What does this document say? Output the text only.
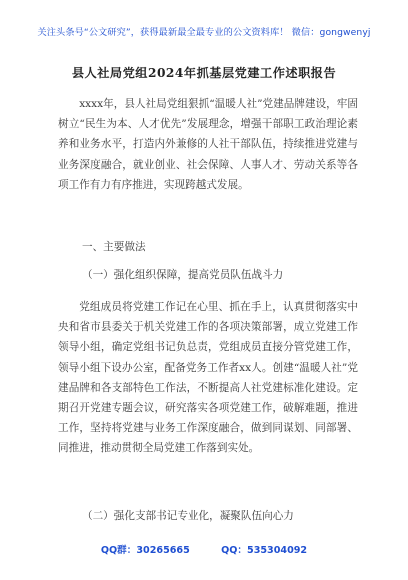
关注头条号“公文研究”，获得最新最全最专业的公文资料库！ 微信：gongwenyj
县人社局党组2024年抓基层党建工作述职报告

xxxx年，县人社局党组狠抓“温暖人社”党建品牌建设，牢固树立“民生为本、人才优先”发展理念，增强干部职工政治理论素养和业务水平，打造内外兼修的人社干部队伍，持续推进党建与业务深度融合，就业创业、社会保障、人事人才、劳动关系等各项工作有力有序推进，实现跨越式发展。

一、主要做法
（一）强化组织保障，提高党员队伍战斗力

党组成员将党建工作记在心里、抓在手上，认真贯彻落实中央和省市县委关于机关党建工作的各项决策部署，成立党建工作领导小组，确定党组书记负总责，党组成员直接分管党建工作，领导小组下设办公室，配备党务工作者xx人。创建“温暖人社”党建品牌和各支部特色工作法，不断提高人社党建标准化建设。定期召开党建专题会议，研究落实各项党建工作，破解难题，推进工作，坚持将党建与业务工作深度融合，做到同谋划、同部署、同推进，推动贯彻全局党建工作落到实处。

（二）强化支部书记专业化，凝聚队伍向心力
QQ群：30265665	QQ：535304092
